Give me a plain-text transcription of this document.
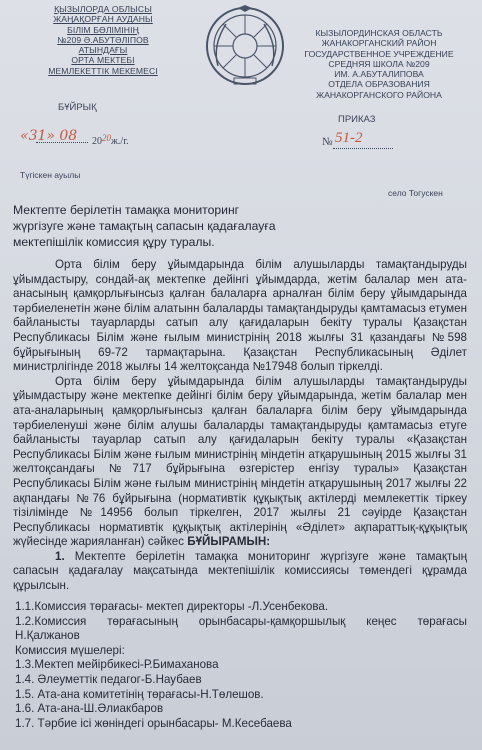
ҚЫЗЫЛОРДА ОБЛЫСЫ
ЖАҢАҚОРҒАН АУДАНЫ
БІЛІМ БӨЛІМІНІҢ
№209 Ә.АБУТӘЛІПОВ
АТЫНДАҒЫ
ОРТА МЕКТЕБІ
МЕМЛЕКЕТТІК МЕКЕМЕСІ
КЫЗЫЛОРДИНСКАЯ ОБЛАСТЬ
ЖАНАКОРГАНСКИЙ РАЙОН
ГОСУДАРСТВЕННОЕ УЧРЕЖДЕНИЕ
СРЕДНЯЯ ШКОЛА №209
ИМ. А.АБУТАЛИПОВА
ОТДЕЛА ОБРАЗОВАНИЯ
ЖАНАКОРГАНСКОГО РАЙОНА
БҰЙРЫҚ
ПРИКАЗ
«31» 08 2020ж./г.	№ 51-2
Түгіскен ауылы
село Тогускен
Мектепте берілетін тамақка мониторинг
жүргізуге және тамақтың сапасын қадағалауға
мектепішілік комиссия құру туралы.

Орта білім беру ұйымдарында білім алушыларды тамақтандыруды ұйымдастыру, сондай-ақ мектепке дейінгі ұйымдарда, жетім балалар мен ата-анасының қамқорлығынсыз қалған балаларға арналған білім беру ұйымдарында тәрбиеленетін және білім алатынн балаларды тамақтандыруды қамтамасыз етумен байланысты тауарларды сатып алу қағидаларын бекіту туралы Қазақстан Республикасы Білім және ғылым министрінің 2018 жылғы 31 қазандағы №598 бұйрығының 69-72 тармақтарына. Қазақстан Республикасының Әділет министрлігінде 2018 жылғы 14 желтоқсанда №17948 болып тіркелді.

Орта білім беру ұйымдарында білім алушыларды тамақтандыруды ұйымдастыру және мектепке дейінгі білім беру ұйымдарында, жетім балалар мен ата-аналарының қамқорлығынсыз қалған балаларға білім беру ұйымдарында тәрбиеленуші және білім алушы балаларды тамақтандыруды қамтамасыз етуге байланысты тауарлар сатып алу қағидаларын бекіту туралы «Қазақстан Республикасы Білім және ғылым министрінің міндетін атқарушының 2015 жылғы 31 желтоқсандағы №717 бұйрығына өзгерістер енгізу туралы» Қазақстан Республикасы Білім және ғылым министрінің міндетін атқарушының 2017 жылғы 22 ақпандағы №76 бұйрығына (нормативтік құқықтық актілерді мемлекеттік тіркеу тізілімінде №14956 болып тіркелген, 2017 жылғы 21 сәуірде Қазақстан Республикасы нормативтік құқықтық актілерінің «Әділет» ақпараттық-құқықтық жүйесінде жарияланған) сәйкес БҰЙЫРАМЫН:

1. Мектепте берілетін тамақка мониторинг жүргізуге және тамақтың сапасын қадағалау мақсатында мектепішілік комиссиясы төмендегі құрамда құрылсын.

1.1.Комиссия төрағасы- мектеп директоры -Л.Усенбекова.
1.2.Комиссия төрағасының орынбасары-қамқоршылық кеңес төрағасы
Н.Қалжанов
Комиссия мүшелері:
1.3.Мектеп мейірбикесі-Р.Бимаханова
1.4. Әлеуметтік педагог-Б.Наубаев
1.5. Ата-ана комитетінің төрағасы-Н.Төлешов.
1.6. Ата-ана-Ш.Әлиакбаров
1.7. Тәрбие ісі жөніндегі орынбасары- М.Кесебаева
